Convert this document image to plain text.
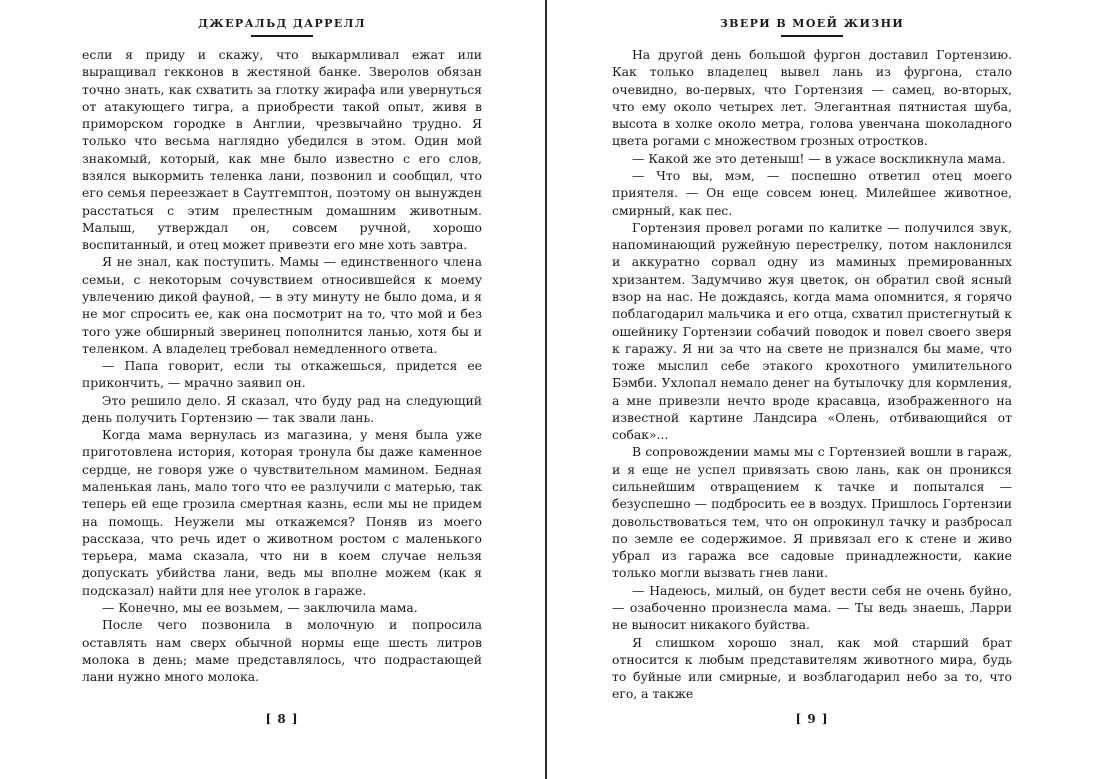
ДЖЕРАЛЬД ДАРРЕЛЛ

если я приду и скажу, что выкармливал ежат или выращивал гекконов в жестяной банке. Зверолов обязан точно знать, как схватить за глотку жирафа или увернуться от атакующего тигра, а приобрести такой опыт, живя в приморском городке в Англии, чрезвычайно трудно. Я только что весьма наглядно убедился в этом. Один мой знакомый, который, как мне было известно с его слов, взялся выкормить теленка лани, позвонил и сообщил, что его семья переезжает в Саутгемптон, поэтому он вынужден расстаться с этим прелестным домашним животным. Малыш, утверждал он, совсем ручной, хорошо воспитанный, и отец может привезти его мне хоть завтра.

Я не знал, как поступить. Мамы — единственного члена семьи, с некоторым сочувствием относившейся к моему увлечению дикой фауной, — в эту минуту не было дома, и я не мог спросить ее, как она посмотрит на то, что мой и без того уже обширный зверинец пополнится ланью, хотя бы и теленком. А владелец требовал немедленного ответа.

— Папа говорит, если ты откажешься, придется ее прикончить, — мрачно заявил он.

Это решило дело. Я сказал, что буду рад на следующий день получить Гортензию — так звали лань.

Когда мама вернулась из магазина, у меня была уже приготовлена история, которая тронула бы даже каменное сердце, не говоря уже о чувствительном мамином. Бедная маленькая лань, мало того что ее разлучили с матерью, так теперь ей еще грозила смертная казнь, если мы не придем на помощь. Неужели мы откажемся? Поняв из моего рассказа, что речь идет о животном ростом с маленького терьера, мама сказала, что ни в коем случае нельзя допускать убийства лани, ведь мы вполне можем (как я подсказал) найти для нее уголок в гараже.

— Конечно, мы ее возьмем, — заключила мама.

После чего позвонила в молочную и попросила оставлять нам сверх обычной нормы еще шесть литров молока в день; маме представлялось, что подрастающей лани нужно много молока.

[ 8 ]
ЗВЕРИ В МОЕЙ ЖИЗНИ

На другой день большой фургон доставил Гортензию. Как только владелец вывел лань из фургона, стало очевидно, во-первых, что Гортензия — самец, во-вторых, что ему около четырех лет. Элегантная пятнистая шуба, высота в холке около метра, голова увенчана шоколадного цвета рогами с множеством грозных отростков.

— Какой же это детеныш! — в ужасе воскликнула мама.

— Что вы, мэм, — поспешно ответил отец моего приятеля. — Он еще совсем юнец. Милейшее животное, смирный, как пес.

Гортензия провел рогами по калитке — получился звук, напоминающий ружейную перестрелку, потом наклонился и аккуратно сорвал одну из маминых премированных хризантем. Задумчиво жуя цветок, он обратил свой ясный взор на нас. Не дождаясь, когда мама опомнится, я горячо поблагодарил мальчика и его отца, схватил пристегнутый к ошейнику Гортензии собачий поводок и повел своего зверя к гаражу. Я ни за что на свете не признался бы маме, что тоже мыслил себе этакого крохотного умилительного Бэмби. Ухлопал немало денег на бутылочку для кормления, а мне привезли нечто вроде красавца, изображенного на известной картине Ландсира «Олень, отбивающийся от собак»...

В сопровождении мамы мы с Гортензией вошли в гараж, и я еще не успел привязать свою лань, как он проникся сильнейшим отвращением к тачке и попытался — безуспешно — подбросить ее в воздух. Пришлось Гортензии довольствоваться тем, что он опрокинул тачку и разбросал по земле ее содержимое. Я привязал его к стене и живо убрал из гаража все садовые принадлежности, какие только могли вызвать гнев лани.

— Надеюсь, милый, он будет вести себя не очень буйно, — озабоченно произнесла мама. — Ты ведь знаешь, Ларри не выносит никакого буйства.

Я слишком хорошо знал, как мой старший брат относится к любым представителям животного мира, будь то буйные или смирные, и возблагодарил небо за то, что его, а также

[ 9 ]
